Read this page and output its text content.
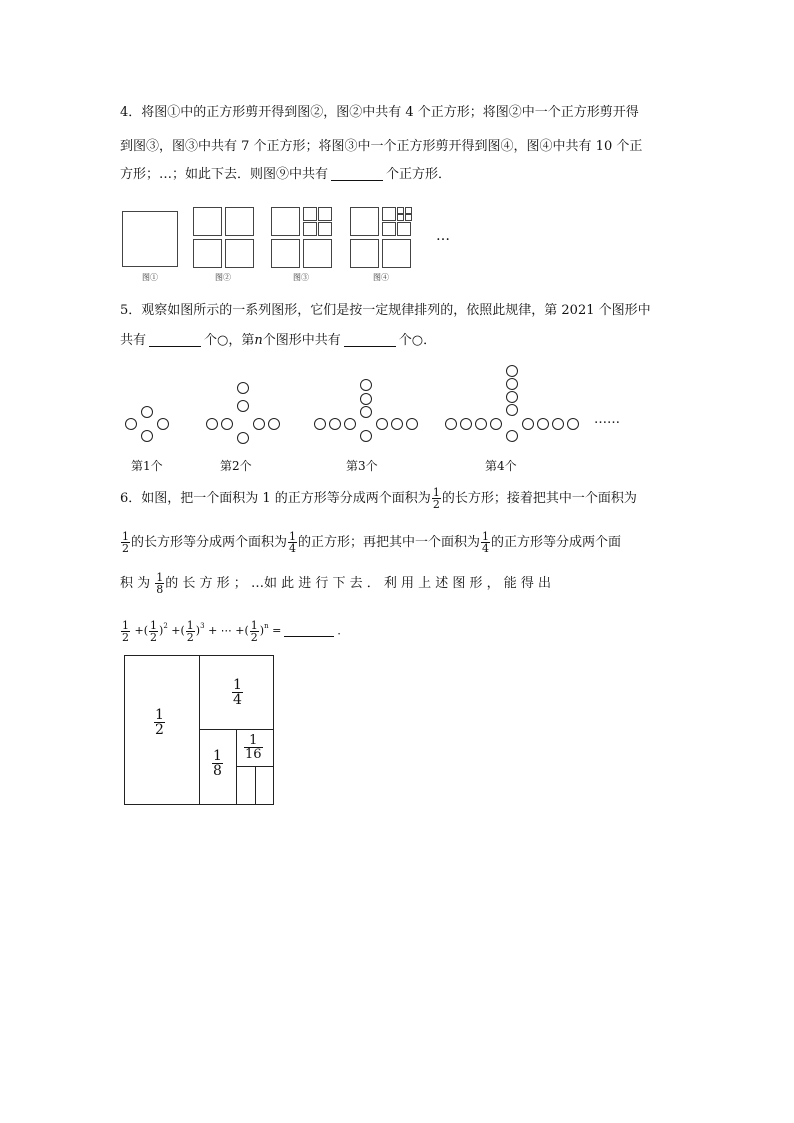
4．将图①中的正方形剪开得到图②，图②中共有 4 个正方形；将图②中一个正方形剪开得
到图③，图③中共有 7 个正方形；将图③中一个正方形剪开得到图④，图④中共有 10 个正
方形；…；如此下去．则图⑨中共有	个正方形．
…
图①	图②	图③	图④
5．观察如图所示的一系列图形，它们是按一定规律排列的，依照此规律，第 2021 个图形中
共有	个○，第n个图形中共有	个○．
……
第1个	第2个	第3个	第4个
6．如图，把一个面积为 1 的正方形等分成两个面积为 $\frac{1}{2}$ 的长方形；接着把其中一个面积为
$\frac{1}{2}$ 的长方形等分成两个面积为 $\frac{1}{4}$ 的正方形；再把其中一个面积为 $\frac{1}{4}$ 的正方形等分成两个面
积 为 $\frac{1}{8}$ 的 长 方 形 ； …如 此 进 行 下 去 ． 利 用 上 述 图 形 ， 能 得 出
$\frac{1}{2}$ +( $\frac{1}{2} )^2$ +( $\frac{1}{2} )^3$ + ⋯ +( $\frac{1}{2} )^n$ =	．
$\frac{1}{2}$
$\frac{1}{4}$
$\frac{1}{8}$
$\frac{1}{16}$
